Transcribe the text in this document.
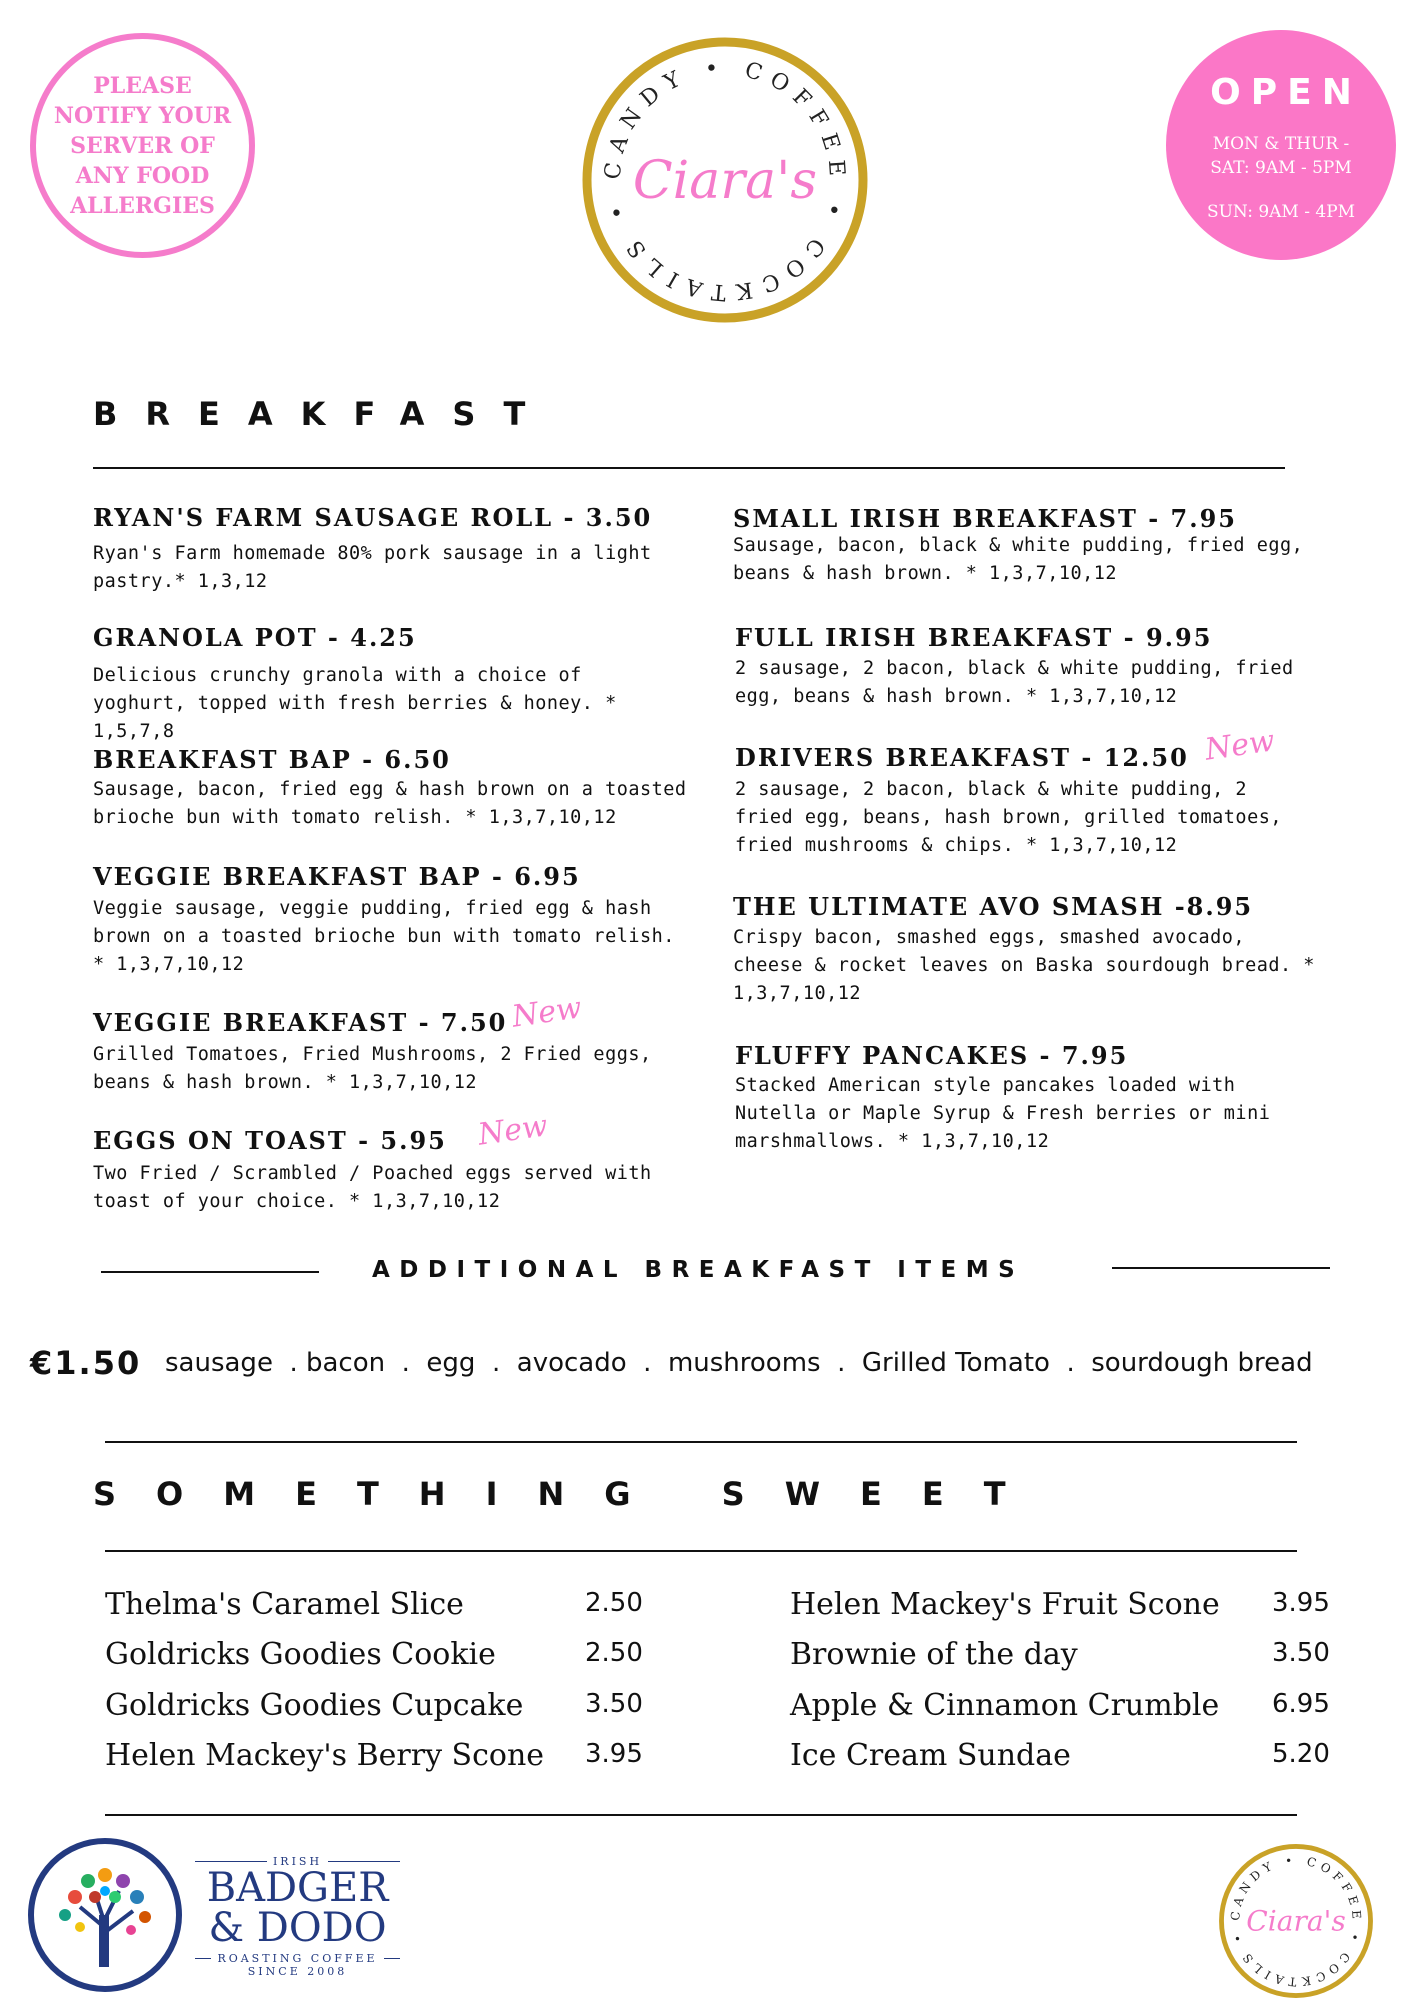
PLEASE
NOTIFY YOUR
SERVER OF
ANY FOOD
ALLERGIES
CANDY • COFFEE • COCKTAILS • Ciara's
OPEN
MON & THUR -
SAT: 9AM - 5PM
SUN: 9AM - 4PM
BREAKFAST
RYAN'S FARM SAUSAGE ROLL - 3.50
Ryan's Farm homemade 80% pork sausage in a light pastry.* 1,3,12
GRANOLA POT - 4.25
Delicious crunchy granola with a choice of yoghurt, topped with fresh berries & honey. * 1,5,7,8
BREAKFAST BAP - 6.50
Sausage, bacon, fried egg & hash brown on a toasted brioche bun with tomato relish. * 1,3,7,10,12
VEGGIE BREAKFAST BAP - 6.95
Veggie sausage, veggie pudding, fried egg & hash brown on a toasted brioche bun with tomato relish. * 1,3,7,10,12
VEGGIE BREAKFAST - 7.50 New
Grilled Tomatoes, Fried Mushrooms, 2 Fried eggs, beans & hash brown. * 1,3,7,10,12
EGGS ON TOAST - 5.95 New
Two Fried / Scrambled / Poached eggs served with toast of your choice. * 1,3,7,10,12
SMALL IRISH BREAKFAST - 7.95
Sausage, bacon, black & white pudding, fried egg, beans & hash brown. * 1,3,7,10,12
FULL IRISH BREAKFAST - 9.95
2 sausage, 2 bacon, black & white pudding, fried egg, beans & hash brown. * 1,3,7,10,12
DRIVERS BREAKFAST - 12.50 New
2 sausage, 2 bacon, black & white pudding, 2 fried egg, beans, hash brown, grilled tomatoes, fried mushrooms & chips. * 1,3,7,10,12
THE ULTIMATE AVO SMASH -8.95
Crispy bacon, smashed eggs, smashed avocado, cheese & rocket leaves on Baska sourdough bread. * 1,3,7,10,12
FLUFFY PANCAKES - 7.95
Stacked American style pancakes loaded with Nutella or Maple Syrup & Fresh berries or mini marshmallows. * 1,3,7,10,12
ADDITIONAL BREAKFAST ITEMS
€1.50 sausage  . bacon  .  egg  .  avocado  .  mushrooms  .  Grilled Tomato  .  sourdough bread
SOMETHING SWEET
Thelma's Caramel Slice	2.50
Goldricks Goodies Cookie	2.50
Goldricks Goodies Cupcake 3.50
Helen Mackey's Berry Scone 3.95
Helen Mackey's Fruit Scone 3.95
Brownie of the day	3.50
Apple & Cinnamon Crumble 6.95
Ice Cream Sundae	5.20
IRISH
BADGER
& DODO
ROASTING COFFEE
SINCE 2008
CANDY • COFFEE • COCKTAILS • Ciara's
